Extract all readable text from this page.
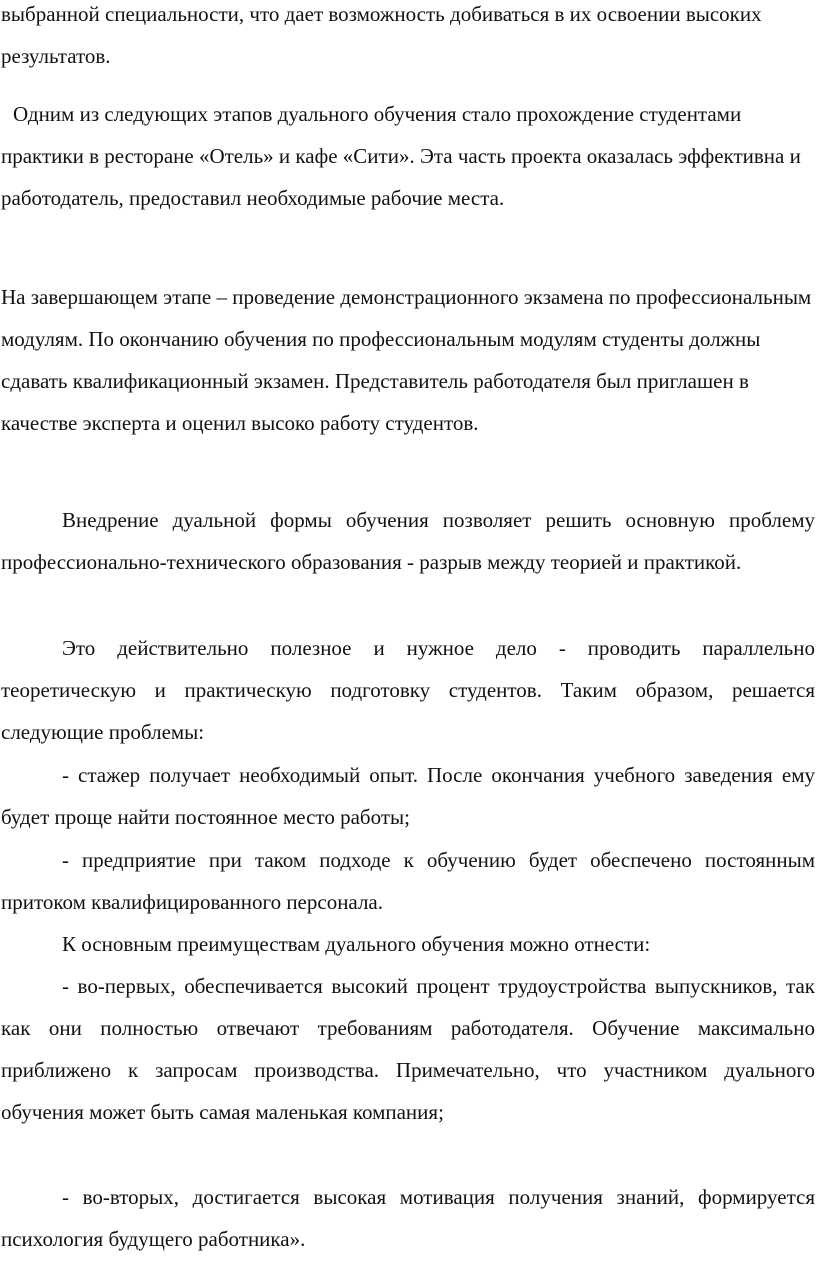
выбранной специальности, что дает возможность добиваться в их освоении высоких результатов.

Одним из следующих этапов дуального обучения стало прохождение студентами практики в ресторане «Отель» и кафе «Сити». Эта часть проекта оказалась эффективна и работодатель, предоставил необходимые рабочие места.

На завершающем этапе – проведение демонстрационного экзамена по профессиональным модулям. По окончанию обучения по профессиональным модулям студенты должны сдавать квалификационный экзамен. Представитель работодателя был приглашен в качестве эксперта и оценил высоко работу студентов.

Внедрение дуальной формы обучения позволяет решить основную проблему профессионально-технического образования - разрыв между теорией и практикой.

Это действительно полезное и нужное дело - проводить параллельно теоретическую и практическую подготовку студентов. Таким образом, решается следующие проблемы:

- стажер получает необходимый опыт. После окончания учебного заведения ему будет проще найти постоянное место работы;

- предприятие при таком подходе к обучению будет обеспечено постоянным притоком квалифицированного персонала.

К основным преимуществам дуального обучения можно отнести:

- во-первых, обеспечивается высокий процент трудоустройства выпускников, так как они полностью отвечают требованиям работодателя. Обучение максимально приближено к запросам производства. Примечательно, что участником дуального обучения может быть самая маленькая компания;

- во-вторых, достигается высокая мотивация получения знаний, формируется психология будущего работника».
